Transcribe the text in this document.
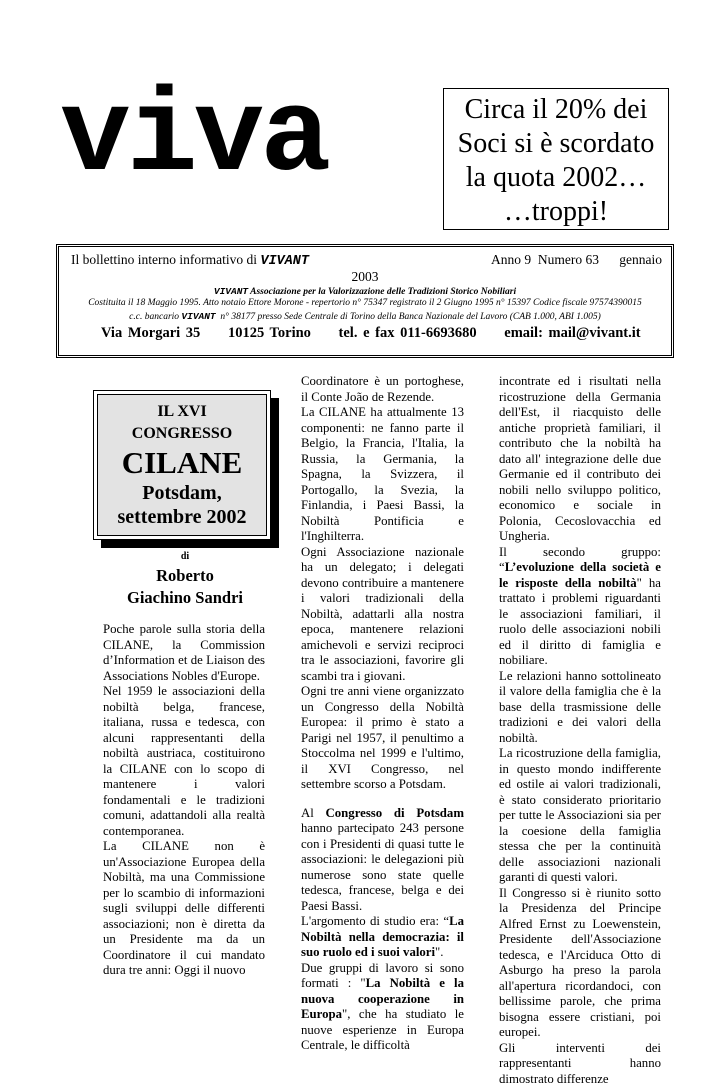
viva	Circa il 20% dei
Soci si è scordato
la quota 2002…
…troppi!
Il bollettino interno informativo di VIVANT	Anno 9  Numero 63      gennaio
2003
VIVANT Associazione per la Valorizzazione delle Tradizioni Storico Nobiliari
Costituita il 18 Maggio 1995. Atto notaio Ettore Morone - repertorio n° 75347 registrato il 2 Giugno 1995 n° 15397 Codice fiscale 97574390015
c.c. bancario VIVANT  n° 38177 presso Sede Centrale di Torino della Banca Nazionale del Lavoro (CAB 1.000, ABI 1.005)
Via Morgari 35 10125 Torino tel. e fax 011-6693680 email: mail@vivant.it
IL XVI
CONGRESSO
CILANE
Potsdam,
settembre 2002
di
Roberto
Giachino Sandri

Poche parole sulla storia della CILANE, la Commission d’Information et de Liaison des Associations Nobles d'Europe.

Nel 1959 le associazioni della nobiltà belga, francese, italiana, russa e tedesca, con alcuni rappresentanti della nobiltà austriaca, costituirono la CILANE con lo scopo di mantenere i valori fondamentali e le tradizioni comuni, adattandoli alla realtà contemporanea.

La CILANE non è un'Associazione Europea della Nobiltà, ma una Commissione per lo scambio di informazioni sugli sviluppi delle differenti associazioni; non è diretta da un Presidente ma da un Coordinatore il cui mandato dura tre anni: Oggi il nuovo

Coordinatore è un portoghese, il Conte João de Rezende.

La CILANE ha attualmente 13 componenti: ne fanno parte il Belgio, la Francia, l'Italia, la Russia, la Germania, la Spagna, la Svizzera, il Portogallo, la Svezia, la Finlandia, i Paesi Bassi, la Nobiltà Pontificia e l'Inghilterra.

Ogni Associazione nazionale ha un delegato; i delegati devono contribuire a mantenere i valori tradizionali della Nobiltà, adattarli alla nostra epoca, mantenere relazioni amichevoli e servizi reciproci tra le associazioni, favorire gli scambi tra i giovani.

Ogni tre anni viene organizzato un Congresso della Nobiltà Europea: il primo è stato a Parigi nel 1957, il penultimo a Stoccolma nel 1999 e l'ultimo, il XVI Congresso, nel settembre scorso a Potsdam.

Al Congresso di Potsdam hanno partecipato 243 persone con i Presidenti di quasi tutte le associazioni: le delegazioni più numerose sono state quelle tedesca, francese, belga e dei Paesi Bassi.

L'argomento di studio era: “La Nobiltà nella democrazia: il suo ruolo ed i suoi valori".

Due gruppi di lavoro si sono formati : "La Nobiltà e la nuova cooperazione in Europa", che ha studiato le nuove esperienze in Europa Centrale, le difficoltà

incontrate ed i risultati nella ricostruzione della Germania dell'Est, il riacquisto delle antiche proprietà familiari, il contributo che la nobiltà ha dato all' integrazione delle due Germanie ed il contributo dei nobili nello sviluppo politico, economico e sociale in Polonia, Cecoslovacchia ed Ungheria.

Il secondo gruppo: “L’evoluzione della società e le risposte della nobiltà" ha trattato i problemi riguardanti le associazioni familiari, il ruolo delle associazioni nobili ed il diritto di famiglia e nobiliare.

Le relazioni hanno sottolineato il valore della famiglia che è la base della trasmissione delle tradizioni e dei valori della nobiltà.

La ricostruzione della famiglia, in questo mondo indifferente ed ostile ai valori tradizionali, è stato considerato prioritario per tutte le Associazioni sia per la coesione della famiglia stessa che per la continuità delle associazioni nazionali garanti di questi valori.

Il Congresso si è riunito sotto la Presidenza del Principe Alfred Ernst zu Loewenstein, Presidente dell'Associazione tedesca, e l'Arciduca Otto di Asburgo ha preso la parola all'apertura ricordandoci, con bellissime parole, che prima bisogna essere cristiani, poi europei.

Gli interventi dei rappresentanti hanno dimostrato differenze
